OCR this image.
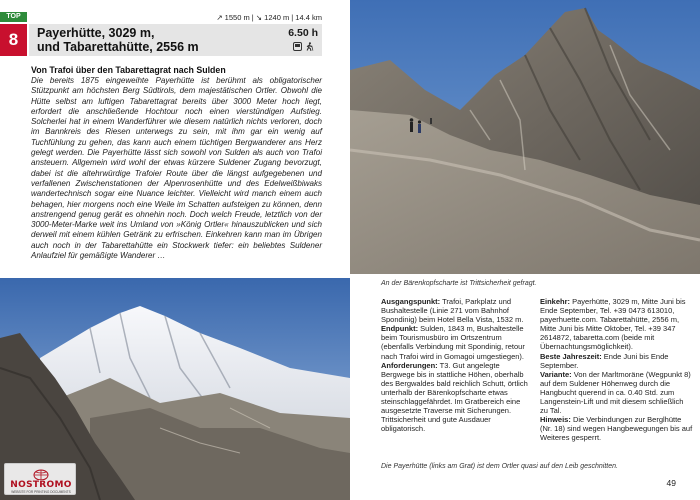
TOP
8
↗ 1550 m | ↘ 1240 m | 14.4 km
Payerhütte, 3029 m,
und Tabarettahütte, 2556 m
6.50 h
Von Trafoi über den Tabarettagrat nach Sulden
Die bereits 1875 eingeweihte Payerhütte ist berühmt als obligatorischer Stützpunkt am höchsten Berg Südtirols, dem majestätischen Ortler. Obwohl die Hütte selbst am luftigen Tabarettagrat bereits über 3000 Meter hoch liegt, erfordert die anschließende Hochtour noch einen vierstündigen Aufstieg. Solcherlei hat in einem Wanderführer wie diesem natürlich nichts verloren, doch im Bannkreis des Riesen unterwegs zu sein, mit ihm gar ein wenig auf Tuchfühlung zu gehen, das kann auch einem tüchtigen Bergwanderer ans Herz gelegt werden. Die Payerhütte lässt sich sowohl von Sulden als auch von Trafoi ansteuern. Allgemein wird wohl der etwas kürzere Suldener Zugang bevorzugt, dabei ist die altehrwürdige Trafoier Route über die längst aufgegebenen und verfallenen Zwischenstationen der Alpenrosenhütte und des Edelweißbiwaks wandertechnisch sogar eine Nuance leichter. Vielleicht wird manch einem auch behagen, hier morgens noch eine Weile im Schatten aufsteigen zu können, denn anstrengend genug gerät es ohnehin noch. Doch welch Freude, letztlich von der 3000-Meter-Marke weit ins Umland von »König Ortler« hinauszublicken und sich derweil mit einem kühlen Getränk zu erfrischen. Einkehren kann man im Übrigen auch noch in der Tabarettahütte ein Stockwerk tiefer: ein beliebtes Suldener Anlaufziel für gemäßigte Wanderer …
An der Bärenkopfscharte ist Trittsicherheit gefragt.

Ausgangspunkt: Trafoi, Parkplatz und Bushaltestelle (Linie 271 vom Bahnhof Spondinig) beim Hotel Bella Vista, 1532 m.

Endpunkt: Sulden, 1843 m, Bushaltestelle beim Tourismusbüro im Ortszentrum (ebenfalls Verbindung mit Spondinig, retour nach Trafoi wird in Gomagoi umgestiegen).

Anforderungen: T3. Gut angelegte Bergwege bis in stattliche Höhen, oberhalb des Bergwaldes bald reichlich Schutt, örtlich unterhalb der Bärenkopfscharte etwas steinschlaggefährdet. Im Gratbereich eine ausgesetzte Traverse mit Sicherungen. Trittsicherheit und gute Ausdauer obligatorisch.

Einkehr: Payerhütte, 3029 m, Mitte Juni bis Ende September, Tel. +39 0473 613010, payerhuette.com. Tabarettahütte, 2556 m, Mitte Juni bis Mitte Oktober, Tel. +39 347 2614872, tabaretta.com (beide mit Übernachtungsmöglichkeit).

Beste Jahreszeit: Ende Juni bis Ende September.

Variante: Von der Marltmoräne (Wegpunkt 8) auf dem Suldener Höhenweg durch die Hangbucht querend in ca. 0.40 Std. zum Langenstein-Lift und mit diesem schließlich zu Tal.

Hinweis: Die Verbindungen zur Berglhütte (Nr. 18) sind wegen Hangbewegungen bis auf Weiteres gesperrt.

Die Payerhütte (links am Grat) ist dem Ortler quasi auf den Leib geschnitten.
49
NOSTROMO
WEBSITE FOR PRINTING DOCUMENTS
